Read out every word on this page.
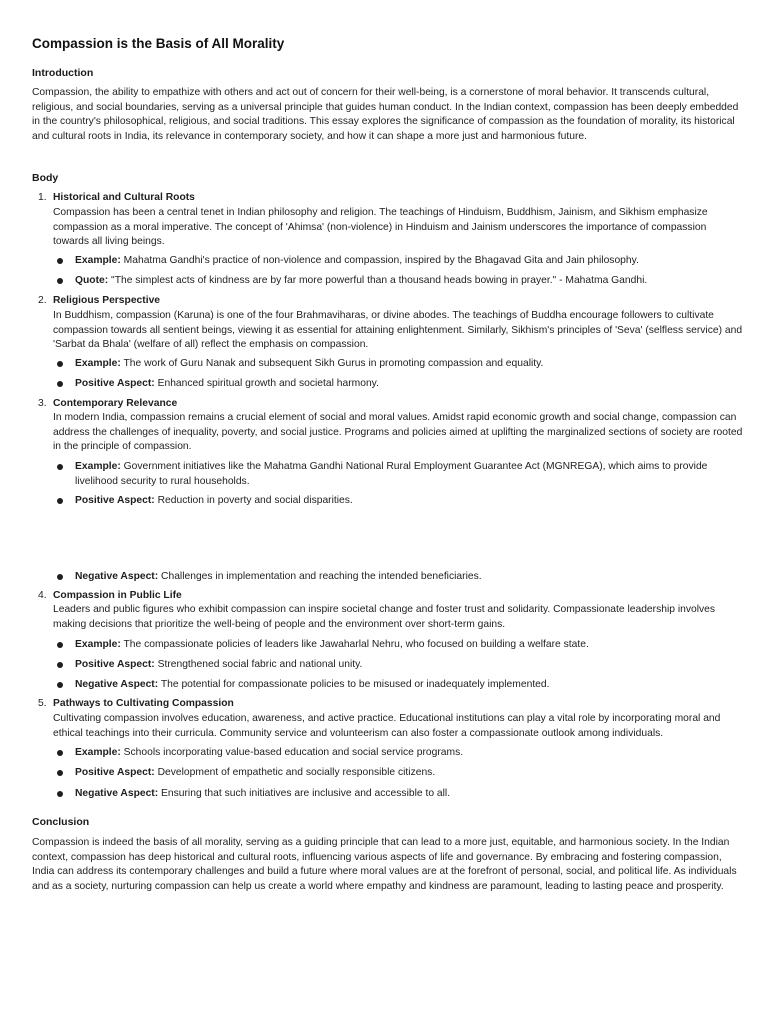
Compassion is the Basis of All Morality
Introduction

Compassion, the ability to empathize with others and act out of concern for their well-being, is a cornerstone of moral behavior. It transcends cultural, religious, and social boundaries, serving as a universal principle that guides human conduct. In the Indian context, compassion has been deeply embedded in the country's philosophical, religious, and social traditions. This essay explores the significance of compassion as the foundation of morality, its historical and cultural roots in India, its relevance in contemporary society, and how it can shape a more just and harmonious future.

Body
1. Historical and Cultural Roots

Compassion has been a central tenet in Indian philosophy and religion. The teachings of Hinduism, Buddhism, Jainism, and Sikhism emphasize compassion as a moral imperative. The concept of 'Ahimsa' (non-violence) in Hinduism and Jainism underscores the importance of compassion towards all living beings.

Example: Mahatma Gandhi's practice of non-violence and compassion, inspired by the Bhagavad Gita and Jain philosophy.

Quote: "The simplest acts of kindness are by far more powerful than a thousand heads bowing in prayer." - Mahatma Gandhi.

2. Religious Perspective

In Buddhism, compassion (Karuna) is one of the four Brahmaviharas, or divine abodes. The teachings of Buddha encourage followers to cultivate compassion towards all sentient beings, viewing it as essential for attaining enlightenment. Similarly, Sikhism's principles of 'Seva' (selfless service) and 'Sarbat da Bhala' (welfare of all) reflect the emphasis on compassion.

Example: The work of Guru Nanak and subsequent Sikh Gurus in promoting compassion and equality.

Positive Aspect: Enhanced spiritual growth and societal harmony.

3. Contemporary Relevance

In modern India, compassion remains a crucial element of social and moral values. Amidst rapid economic growth and social change, compassion can address the challenges of inequality, poverty, and social justice. Programs and policies aimed at uplifting the marginalized sections of society are rooted in the principle of compassion.

Example: Government initiatives like the Mahatma Gandhi National Rural Employment Guarantee Act (MGNREGA), which aims to provide livelihood security to rural households.

Positive Aspect: Reduction in poverty and social disparities.

Negative Aspect: Challenges in implementation and reaching the intended beneficiaries.

4. Compassion in Public Life

Leaders and public figures who exhibit compassion can inspire societal change and foster trust and solidarity. Compassionate leadership involves making decisions that prioritize the well-being of people and the environment over short-term gains.

Example: The compassionate policies of leaders like Jawaharlal Nehru, who focused on building a welfare state.

Positive Aspect: Strengthened social fabric and national unity.

Negative Aspect: The potential for compassionate policies to be misused or inadequately implemented.

5. Pathways to Cultivating Compassion

Cultivating compassion involves education, awareness, and active practice. Educational institutions can play a vital role by incorporating moral and ethical teachings into their curricula. Community service and volunteerism can also foster a compassionate outlook among individuals.

Example: Schools incorporating value-based education and social service programs.

Positive Aspect: Development of empathetic and socially responsible citizens.

Negative Aspect: Ensuring that such initiatives are inclusive and accessible to all.

Conclusion

Compassion is indeed the basis of all morality, serving as a guiding principle that can lead to a more just, equitable, and harmonious society. In the Indian context, compassion has deep historical and cultural roots, influencing various aspects of life and governance. By embracing and fostering compassion, India can address its contemporary challenges and build a future where moral values are at the forefront of personal, social, and political life. As individuals and as a society, nurturing compassion can help us create a world where empathy and kindness are paramount, leading to lasting peace and prosperity.
